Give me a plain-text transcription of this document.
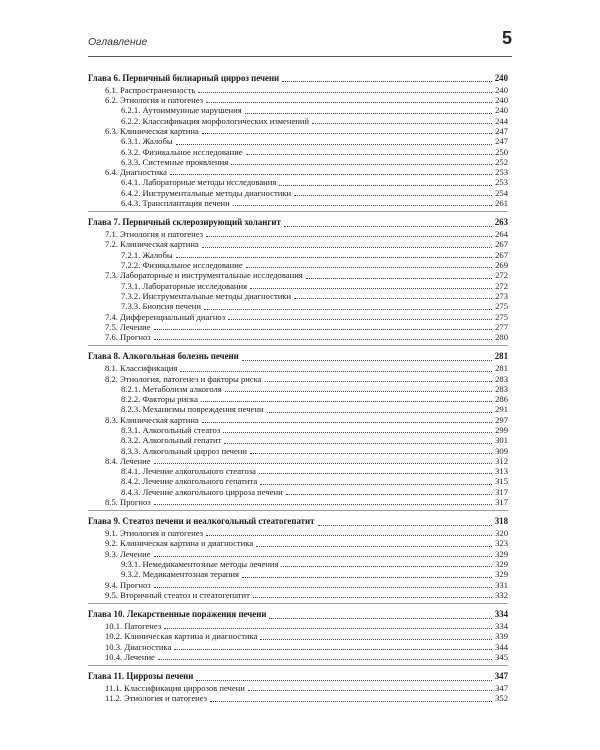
Оглавление	5
Глава 6. Первичный билиарный цирроз печени	240
6.1. Распространенность	240
6.2. Этиология и патогенез	240
6.2.1. Аутоиммунные нарушения	240
6.2.2. Классификация морфологических изменений	244
6.3. Клиническая картина	247
6.3.1. Жалобы	247
6.3.2. Физикальное исследование	250
6.3.3. Системные проявления	252
6.4. Диагностика	253
6.4.1. Лабораторные методы исследования	253
6.4.2. Инструментальные методы диагностики	254
6.4.3. Трансплантация печени	261
Глава 7. Первичный склерозирующий холангит	263
7.1. Этиология и патогенез	264
7.2. Клиническая картина	267
7.2.1. Жалобы	267
7.2.2. Физикальное исследование	269
7.3. Лабораторные и инструментальные исследования	272
7.3.1. Лабораторные исследования	272
7.3.2. Инструментальные методы диагностики	273
7.3.3. Биопсия печени	275
7.4. Дифференциальный диагноз	275
7.5. Лечение	277
7.6. Прогноз	280
Глава 8. Алкогольная болезнь печени	281
8.1. Классификация	281
8.2. Этиология, патогенез и факторы риска	283
8.2.1. Метаболизм алкоголя	283
8.2.2. Факторы риска	286
8.2.3. Механизмы повреждения печени	291
8.3. Клиническая картина	297
8.3.1. Алкогольный стеатоз	299
8.3.2. Алкогольный гепатит	301
8.3.3. Алкогольный цирроз печени	309
8.4. Лечение	312
8.4.1. Лечение алкогольного стеатоза	313
8.4.2. Лечение алкогольного гепатита	315
8.4.3. Лечение алкогольного цирроза печени	317
8.5. Прогноз	317
Глава 9. Стеатоз печени и неалкогольный стеатогепатит	318
9.1. Этиология и патогенез	320
9.2. Клиническая картина и диагностика	323
9.3. Лечение	329
9.3.1. Немедикаментозные методы лечения	329
9.3.2. Медикаментозная терапия	329
9.4. Прогноз	331
9.5. Вторичный стеатоз и стеатогепатит	332
Глава 10. Лекарственные поражения печени	334
10.1. Патогенез	334
10.2. Клиническая картина и диагностика	339
10.3. Диагностика	344
10.4. Лечение	345
Глава 11. Циррозы печени	347
11.1. Классификация циррозов печени	347
11.2. Этиология и патогенез	352
